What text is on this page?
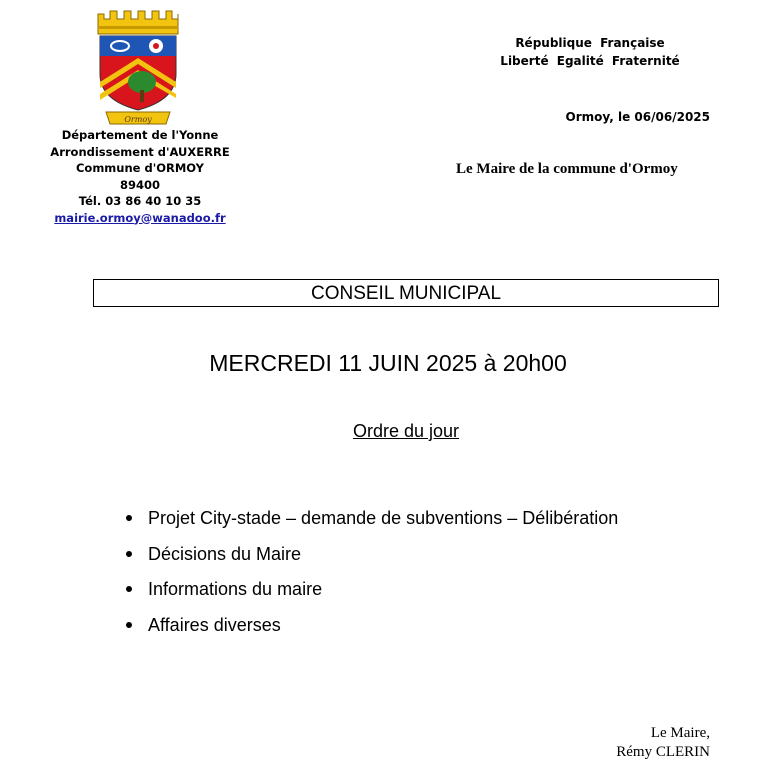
Ormoy
Département de l'Yonne
Arrondissement d'AUXERRE
Commune d'ORMOY
89400
Tél. 03 86 40 10 35
mairie.ormoy@wanadoo.fr
République Française
Liberté Egalité Fraternité
Ormoy, le 06/06/2025
Le Maire de la commune d'Ormoy
CONSEIL MUNICIPAL
MERCREDI 11 JUIN 2025 à 20h00
Ordre du jour
Projet City-stade – demande de subventions – Délibération
Décisions du Maire
Informations du maire
Affaires diverses
Le Maire,
Rémy CLERIN
